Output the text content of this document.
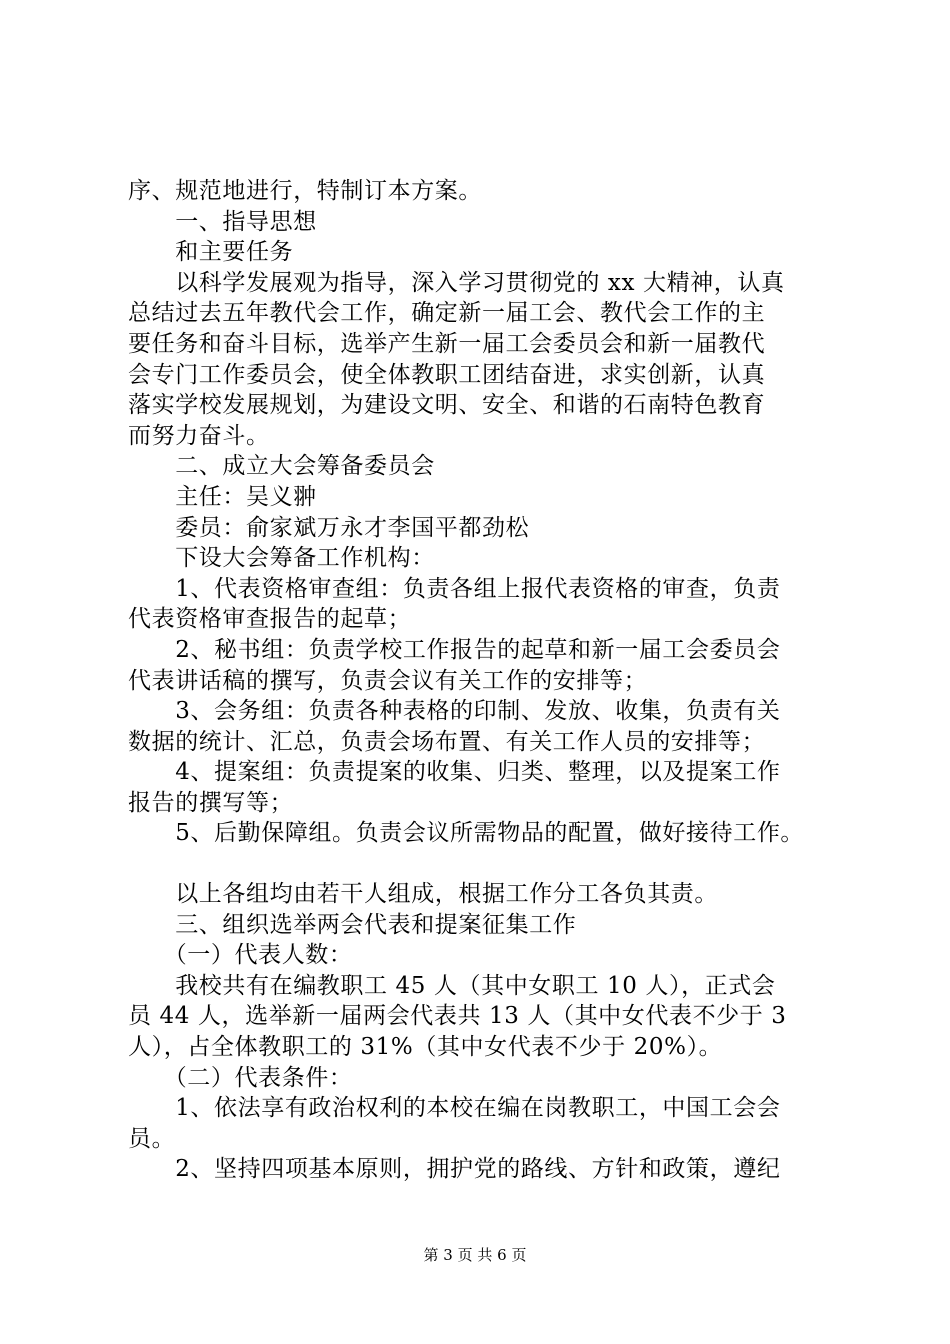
序、规范地进行，特制订本方案。
　　一、指导思想
　　和主要任务
　　以科学发展观为指导，深入学习贯彻党的 xx 大精神，认真
总结过去五年教代会工作，确定新一届工会、教代会工作的主
要任务和奋斗目标，选举产生新一届工会委员会和新一届教代
会专门工作委员会，使全体教职工团结奋进，求实创新，认真
落实学校发展规划，为建设文明、安全、和谐的石南特色教育
而努力奋斗。
　　二、成立大会筹备委员会
　　主任：吴义翀
　　委员：俞家斌万永才李国平都劲松
　　下设大会筹备工作机构：
　　1、代表资格审查组：负责各组上报代表资格的审查，负责
代表资格审查报告的起草；
　　2、秘书组：负责学校工作报告的起草和新一届工会委员会
代表讲话稿的撰写，负责会议有关工作的安排等；
　　3、会务组：负责各种表格的印制、发放、收集，负责有关
数据的统计、汇总，负责会场布置、有关工作人员的安排等；
　　4、提案组：负责提案的收集、归类、整理，以及提案工作
报告的撰写等；
　　5、后勤保障组。负责会议所需物品的配置，做好接待工作。
　　以上各组均由若干人组成，根据工作分工各负其责。
　　三、组织选举两会代表和提案征集工作
　　（一）代表人数：
　　我校共有在编教职工 45 人（其中女职工 10 人），正式会
员 44 人，选举新一届两会代表共 13 人（其中女代表不少于 3
人），占全体教职工的 31%（其中女代表不少于 20%）。
　　（二）代表条件：
　　1、依法享有政治权利的本校在编在岗教职工，中国工会会
员。
　　2、坚持四项基本原则，拥护党的路线、方针和政策，遵纪
第 3 页 共 6 页
